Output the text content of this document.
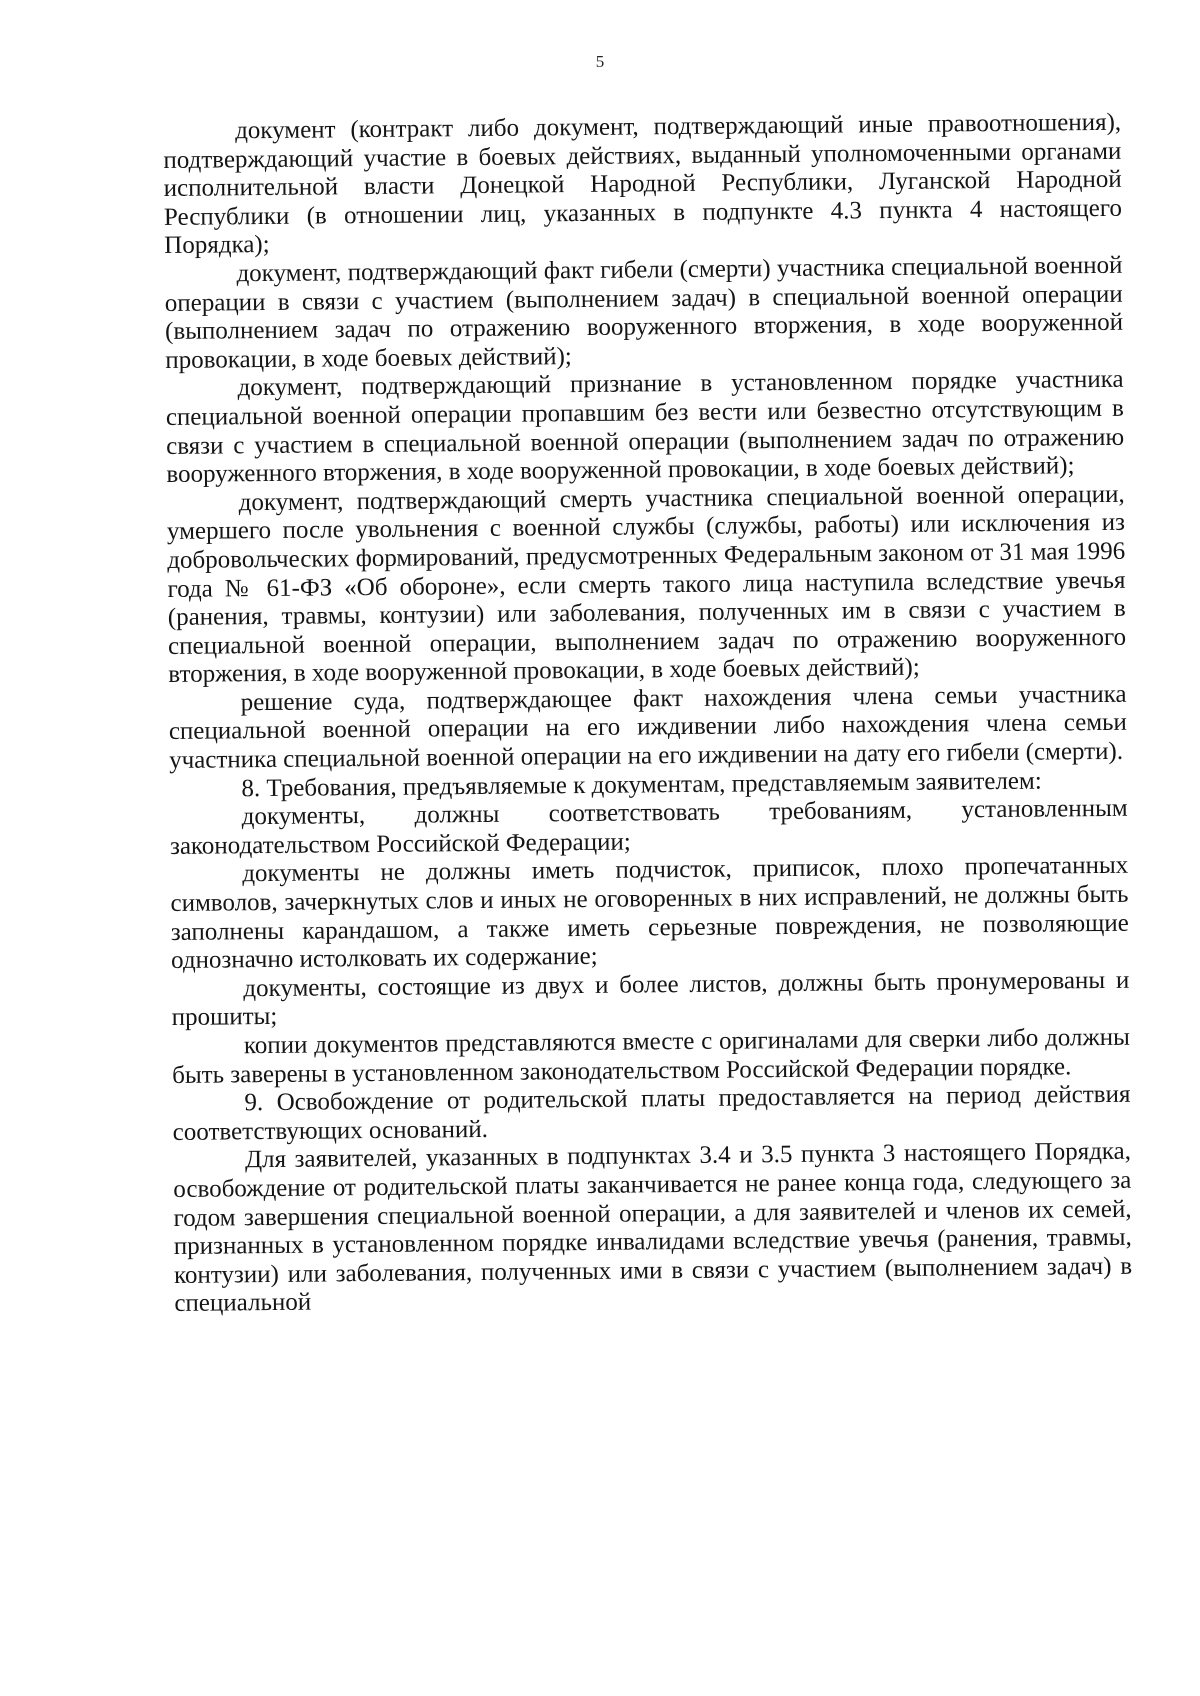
5

документ (контракт либо документ, подтверждающий иные правоотношения), подтверждающий участие в боевых действиях, выданный уполномоченными органами исполнительной власти Донецкой Народной Республики, Луганской Народной Республики (в отношении лиц, указанных в подпункте 4.3 пункта 4 настоящего Порядка);

документ, подтверждающий факт гибели (смерти) участника специальной военной операции в связи с участием (выполнением задач) в специальной военной операции (выполнением задач по отражению вооруженного вторжения, в ходе вооруженной провокации, в ходе боевых действий);

документ, подтверждающий признание в установленном порядке участника специальной военной операции пропавшим без вести или безвестно отсутствующим в связи с участием в специальной военной операции (выполнением задач по отражению вооруженного вторжения, в ходе вооруженной провокации, в ходе боевых действий);

документ, подтверждающий смерть участника специальной военной операции, умершего после увольнения с военной службы (службы, работы) или исключения из добровольческих формирований, предусмотренных Федеральным законом от 31 мая 1996 года № 61-ФЗ «Об обороне», если смерть такого лица наступила вследствие увечья (ранения, травмы, контузии) или заболевания, полученных им в связи с участием в специальной военной операции, выполнением задач по отражению вооруженного вторжения, в ходе вооруженной провокации, в ходе боевых действий);

решение суда, подтверждающее факт нахождения члена семьи участника специальной военной операции на его иждивении либо нахождения члена семьи участника специальной военной операции на его иждивении на дату его гибели (смерти).

8. Требования, предъявляемые к документам, представляемым заявителем:

документы, должны соответствовать требованиям, установленным законодательством Российской Федерации;

документы не должны иметь подчисток, приписок, плохо пропечатанных символов, зачеркнутых слов и иных не оговоренных в них исправлений, не должны быть заполнены карандашом, а также иметь серьезные повреждения, не позволяющие однозначно истолковать их содержание;

документы, состоящие из двух и более листов, должны быть пронумерованы и прошиты;

копии документов представляются вместе с оригиналами для сверки либо должны быть заверены в установленном законодательством Российской Федерации порядке.

9. Освобождение от родительской платы предоставляется на период действия соответствующих оснований.

Для заявителей, указанных в подпунктах 3.4 и 3.5 пункта 3 настоящего Порядка, освобождение от родительской платы заканчивается не ранее конца года, следующего за годом завершения специальной военной операции, а для заявителей и членов их семей, признанных в установленном порядке инвалидами вследствие увечья (ранения, травмы, контузии) или заболевания, полученных ими в связи с участием (выполнением задач) в специальной
